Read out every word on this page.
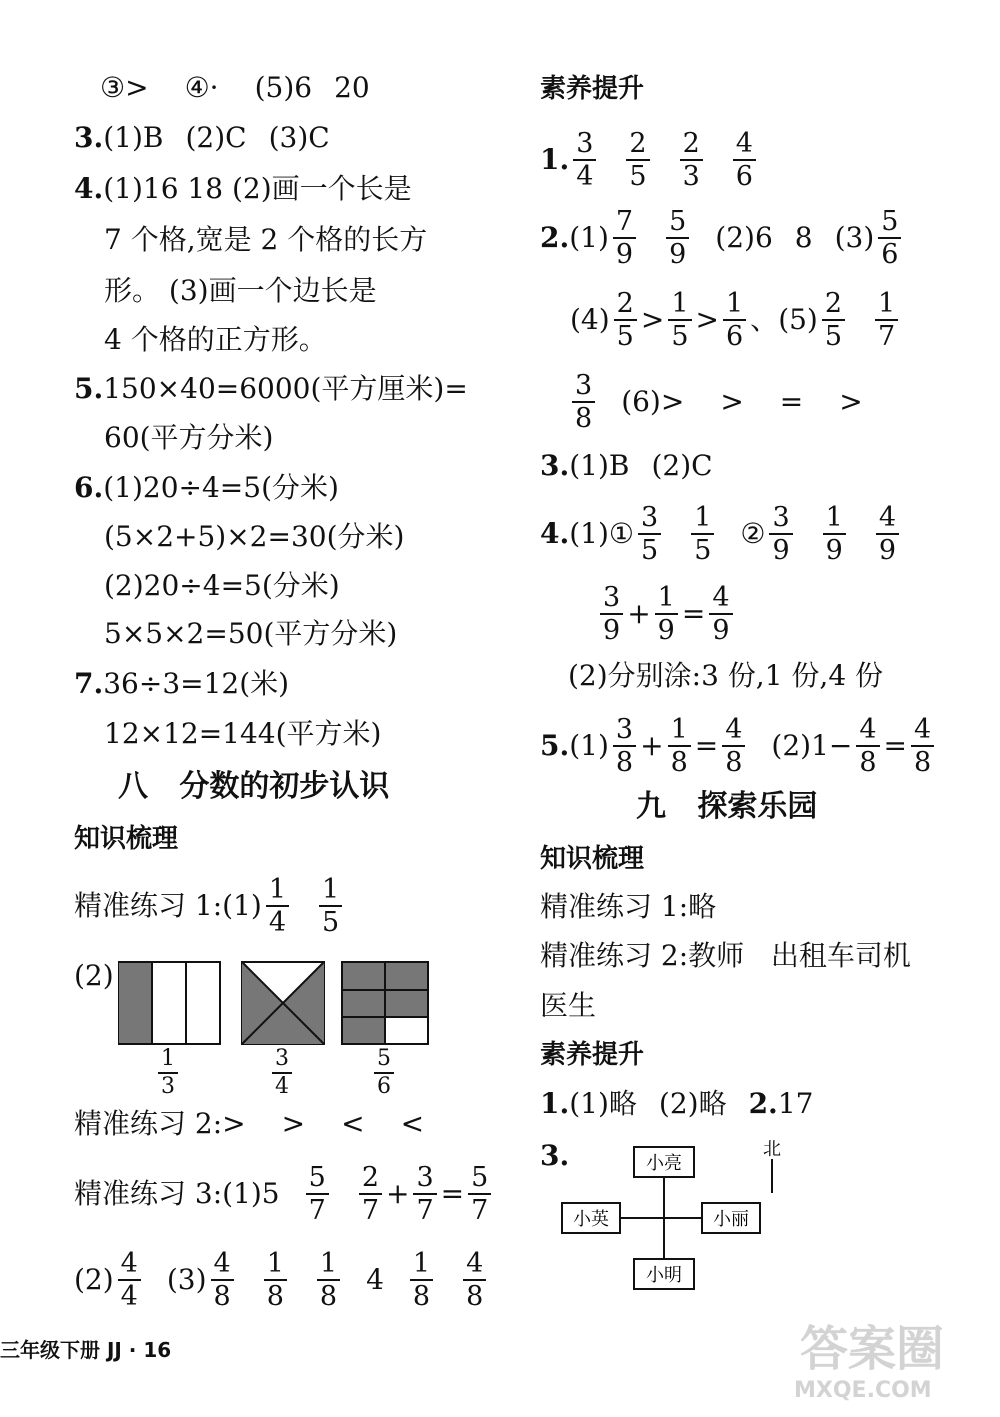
③> ④· (5)6 20
3. (1)B (2)C (3)C
4. (1)16 18 (2)画一个长是
7 个格,宽是 2 个格的长方
形。 (3)画一个边长是
4 个格的正方形。
5. 150×40=6000(平方厘米)=
60(平方分米)
6. (1)20÷4=5(分米)
(5×2+5)×2=30(分米)
(2)20÷4=5(分米)
5×5×2=50(平方分米)
7. 36÷3=12(米)
12×12=144(平方米)
八   分数的初步认识
知识梳理
精准练习 1:(1) $\frac{1}{4} \frac{1}{5}$
(2)
$\frac{1}{3}$	$\frac{3}{4}$	$\frac{5}{6}$
精准练习 2: > > < <
精准练习 3:(1)5 $\frac{5}{7} \frac{2}{7} + \frac{3}{7} = \frac{5}{7}$
$(2) \frac{4}{4} (3) \frac{4}{8} \frac{1}{8} \frac{1}{8} 4 \frac{1}{8} \frac{4}{8}$
素养提升
1. $\frac{3}{4} \frac{2}{5} \frac{2}{3} \frac{4}{6}$
2. $(1) \frac{7}{9} \frac{5}{9} (2)6$ 8 $(3) \frac{5}{6}$
$(4) \frac{2}{5} > \frac{1}{5} > \frac{1}{6}$ 、 $(5) \frac{2}{5} \frac{1}{7}$
$\frac{3}{8} (6)>$ > = >
3. (1)B (2)C
4. (1)① $\frac{3}{5} \frac{1}{5}$ ② $\frac{3}{9} \frac{1}{9} \frac{4}{9}$
$\frac{3}{9} + \frac{1}{9} = \frac{4}{9}$
(2)分别涂:3 份,1 份,4 份
5. $(1) \frac{3}{8} + \frac{1}{8} = \frac{4}{8} (2)1- \frac{4}{8} = \frac{4}{8}$
九   探索乐园
知识梳理
精准练习 1:略
精准练习 2:教师   出租车司机
医生
素养提升
1. (1)略 (2)略 2. 17
3.	小亮
小英	小丽
小明
北
三年级下册 JJ · 16	答案圈
MXQE.COM
